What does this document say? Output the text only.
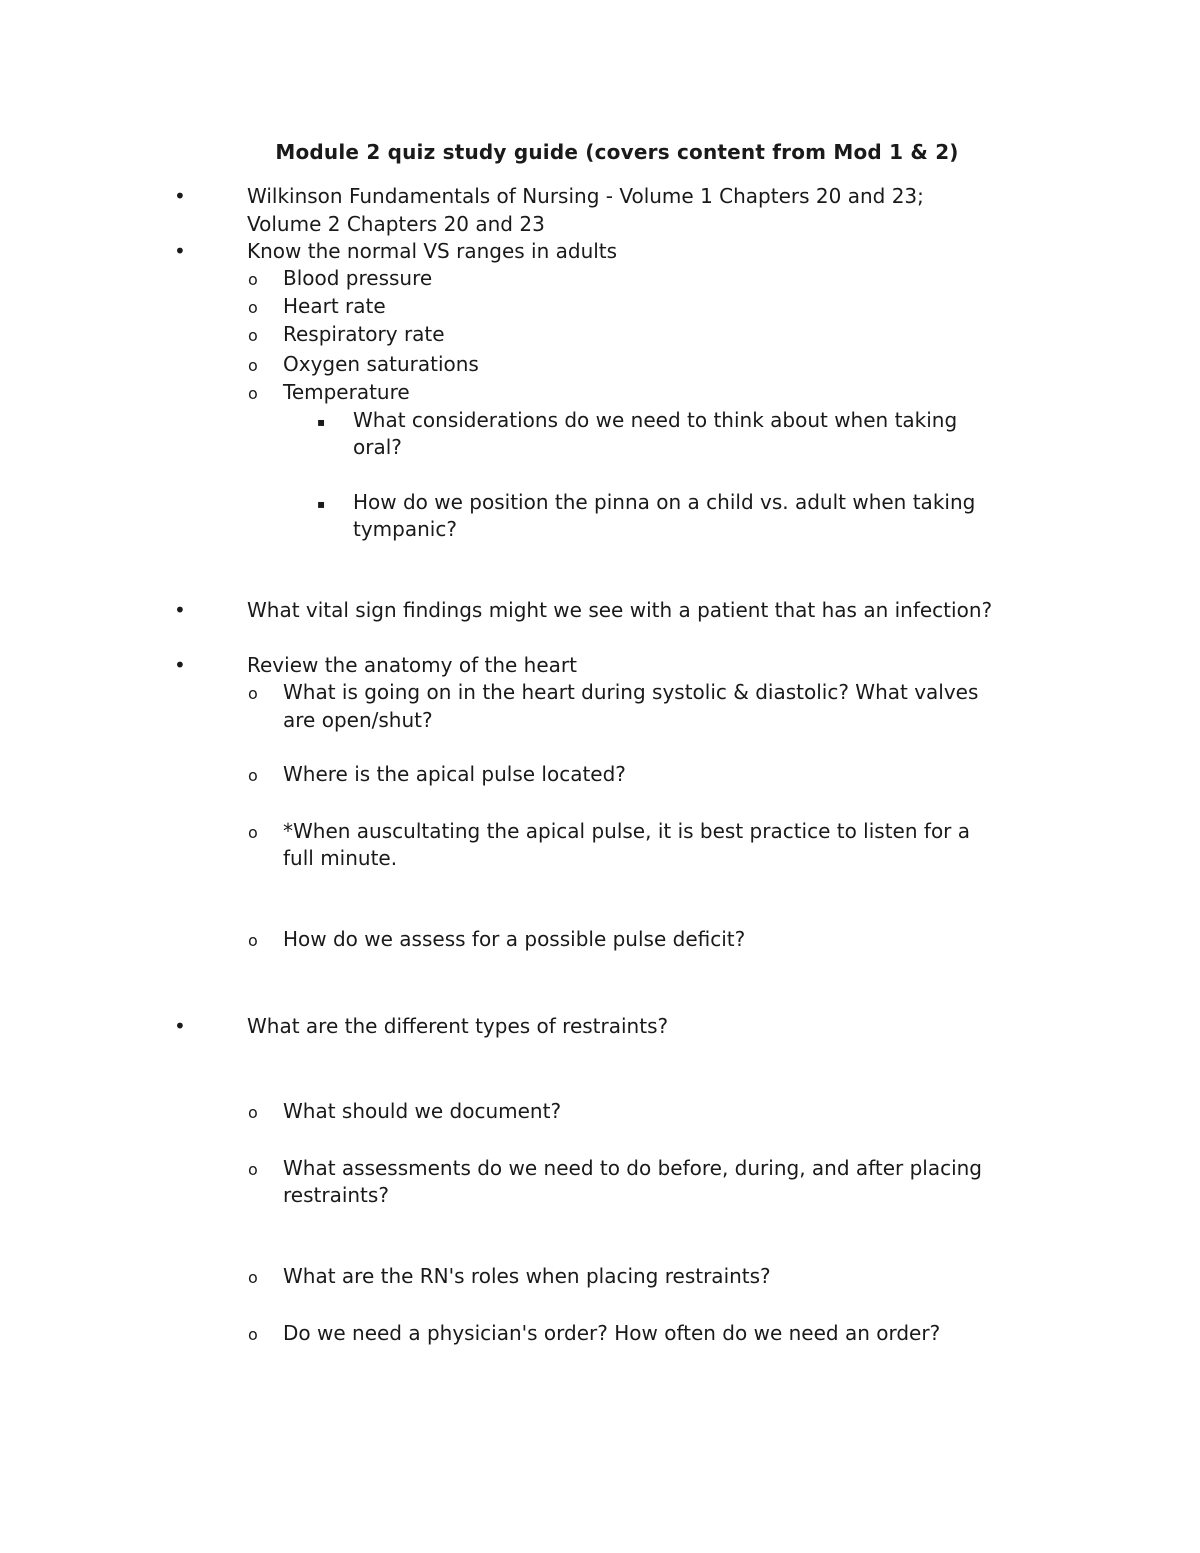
Module 2 quiz study guide (covers content from Mod 1 & 2)
•	Wilkinson Fundamentals of Nursing - Volume 1 Chapters 20 and 23;
Volume 2 Chapters 20 and 23
•	Know the normal VS ranges in adults
o Blood pressure
o Heart rate
o Respiratory rate
o Oxygen saturations
o Temperature
▪ What considerations do we need to think about when taking
oral?
▪ How do we position the pinna on a child vs. adult when taking
tympanic?
•	What vital sign findings might we see with a patient that has an infection?
•	Review the anatomy of the heart
o What is going on in the heart during systolic & diastolic? What valves
are open/shut?
o Where is the apical pulse located?
o *When auscultating the apical pulse, it is best practice to listen for a
full minute.
o How do we assess for a possible pulse deficit?
•	What are the different types of restraints?
o What should we document?
o What assessments do we need to do before, during, and after placing
restraints?
o What are the RN's roles when placing restraints?
o Do we need a physician's order? How often do we need an order?
